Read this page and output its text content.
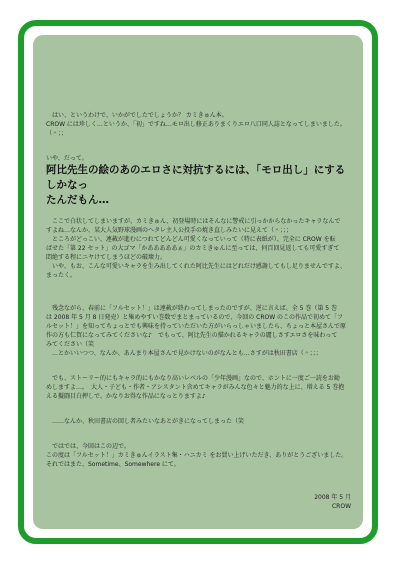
　はい、というわけで、いかがでしたでしょうか？ カミきゅん本。
CROW には珍しく…というか、「初」ですね…モロ出し修正ありまくりエロ八口同人誌となってしまいました。
（＾；；

いや、だって。

阿比先生の絵のあのエロさに対抗するには、「モロ出し」にするしかなっ
たんだもん…

　ここで白状してしまいますが、カミきゅん、初登場時にはそんなに警戒に引っかからなかったキャラなんで
すよね…なんか、某大人気野球漫画のヘタレ主人公投手の焼き直しみたいに見えて（＾；；；
　ところがどっこい、連載が進むにつれてどんどん可愛くなっていって（特に表紙が）、完全に CROW を転
ばせた「第 22 セット」の大ゴマ「かあああああぁ」のカミきゅんに至っては、何百回見返しても可愛すぎて
悶絶する程にニヤけてしまうほどの破壊力。
　いや、もお、こんな可愛いキャラを生み出してくれた阿比先生にはどれだけ感謝してもし足りませんですよ、
まったく。

　残念ながら、春前に「フルセット！」は連載が終わってしまったのですが、逆に言えば、全 5 巻（第 5 巻
は 2008 年 5 月 8 日発売）と集めやすい巻数でまとまっているので、今回の CROW のこの作品で初めて「フ
ルセット！」を知ってちょっとでも興味を持っていただいた方がいらっしゃいましたら、ちょっと本屋さんで原
作の方も仁賀になってみてくださいな♪　でもって、阿比先生の描かれるキャラの麗しさすエロさを味わって
みてください（笑
　…とかいいつつ、なんか、あんまり本屋さんで見かけないのがなんとも…さすがは秋田書店（＾；；；

　でも、ストーリー的にもキャラ的にもかなり高いレベルの「少年漫画」なので、ホントに一度ご一読をお勧
めしますよ…。　大人・子ども・作者・アシスタント含めてキャラがみんな色々と魅力的な上に、増える 5 巻抱
える擬闘目白押しで、かなりお得な作品になっとりますよ♪

　……なんか、秋田書店の回し者みたいなあとがきになってしまった（笑

　ではでは、今回はこの辺で。
この度は「フルセット！」カミきゅんイラスト集・ハニカミ をお買い上げいただき、ありがとうございました。
それではまた、Sometime、Somewhere にて。

2008 年 5 月

CROW
